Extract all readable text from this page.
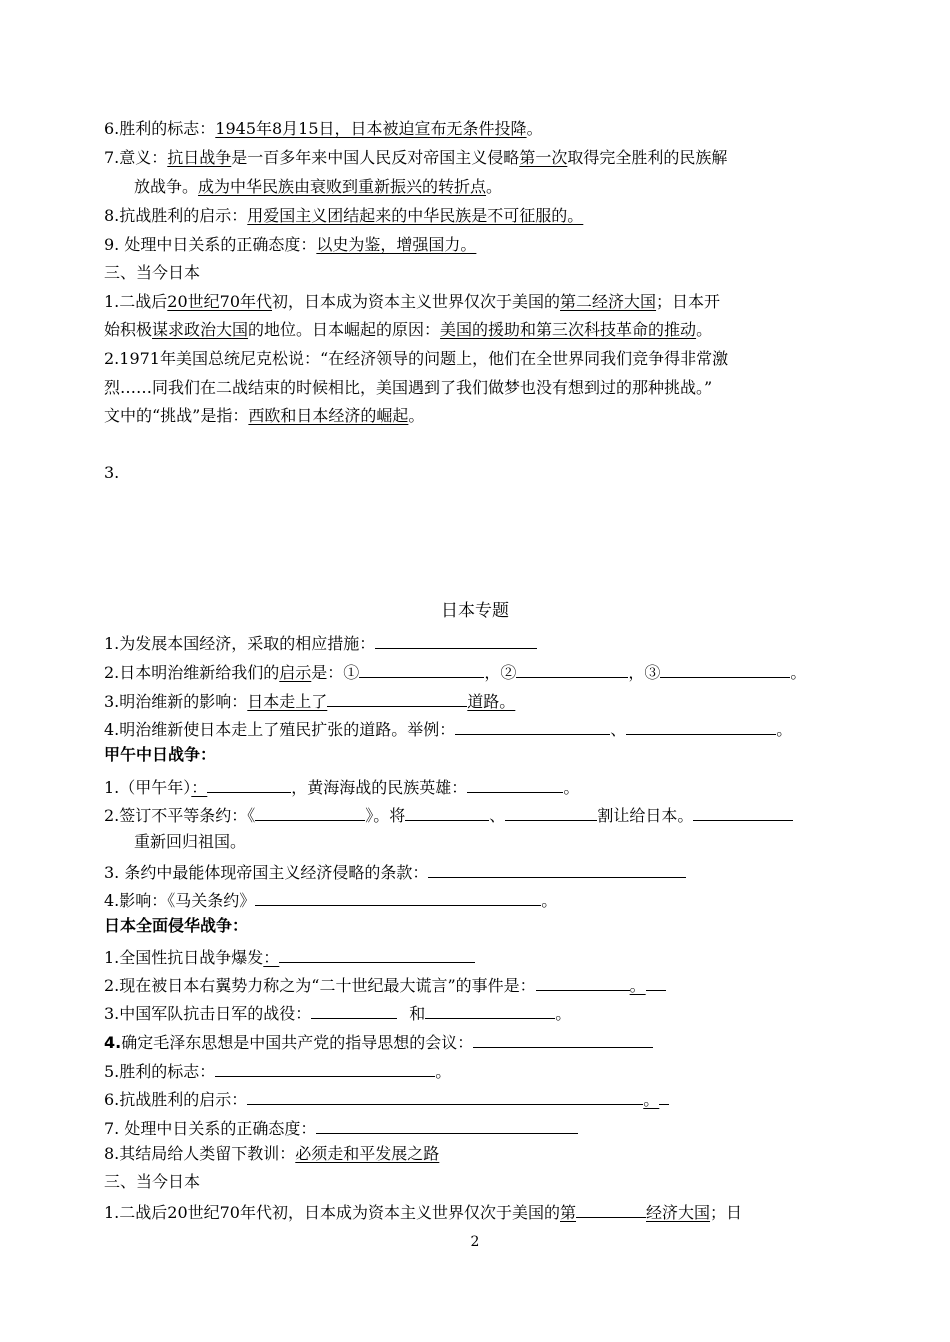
6.胜利的标志：1945年8月15日，日本被迫宣布无条件投降。
7.意义：抗日战争是一百多年来中国人民反对帝国主义侵略第一次取得完全胜利的民族解
放战争。成为中华民族由衰败到重新振兴的转折点。
8.抗战胜利的启示：用爱国主义团结起来的中华民族是不可征服的。
9. 处理中日关系的正确态度：以史为鉴，增强国力。
三、当今日本
1.二战后20世纪70年代初，日本成为资本主义世界仅次于美国的第二经济大国；日本开
始积极谋求政治大国的地位。日本崛起的原因：美国的援助和第三次科技革命的推动。
2.1971年美国总统尼克松说：“在经济领导的问题上，他们在全世界同我们竞争得非常激
烈……同我们在二战结束的时候相比，美国遇到了我们做梦也没有想到过的那种挑战。”
文中的“挑战”是指：西欧和日本经济的崛起。
3.
日本专题
1.为发展本国经济，采取的相应措施：
2.日本明治维新给我们的启示是：①	，②	，③	。
3.明治维新的影响：日本走上了	道路。
4.明治维新使日本走上了殖民扩张的道路。举例：	、	。
甲午中日战争：
1.（甲午年）：	，黄海海战的民族英雄：	。
2.签订不平等条约：《	》。将	、	割让给日本。
重新回归祖国。
3. 条约中最能体现帝国主义经济侵略的条款：
4.影响：《马关条约》	。
日本全面侵华战争：
1.全国性抗日战争爆发：
2.现在被日本右翼势力称之为“二十世纪最大谎言”的事件是：	。
3.中国军队抗击日军的战役：	和	。
4.确定毛泽东思想是中国共产党的指导思想的会议：
5.胜利的标志：	。
6.抗战胜利的启示：	。
7. 处理中日关系的正确态度：
8.其结局给人类留下教训：必须走和平发展之路
三、当今日本
1.二战后20世纪70年代初，日本成为资本主义世界仅次于美国的第	经济大国；日
2
